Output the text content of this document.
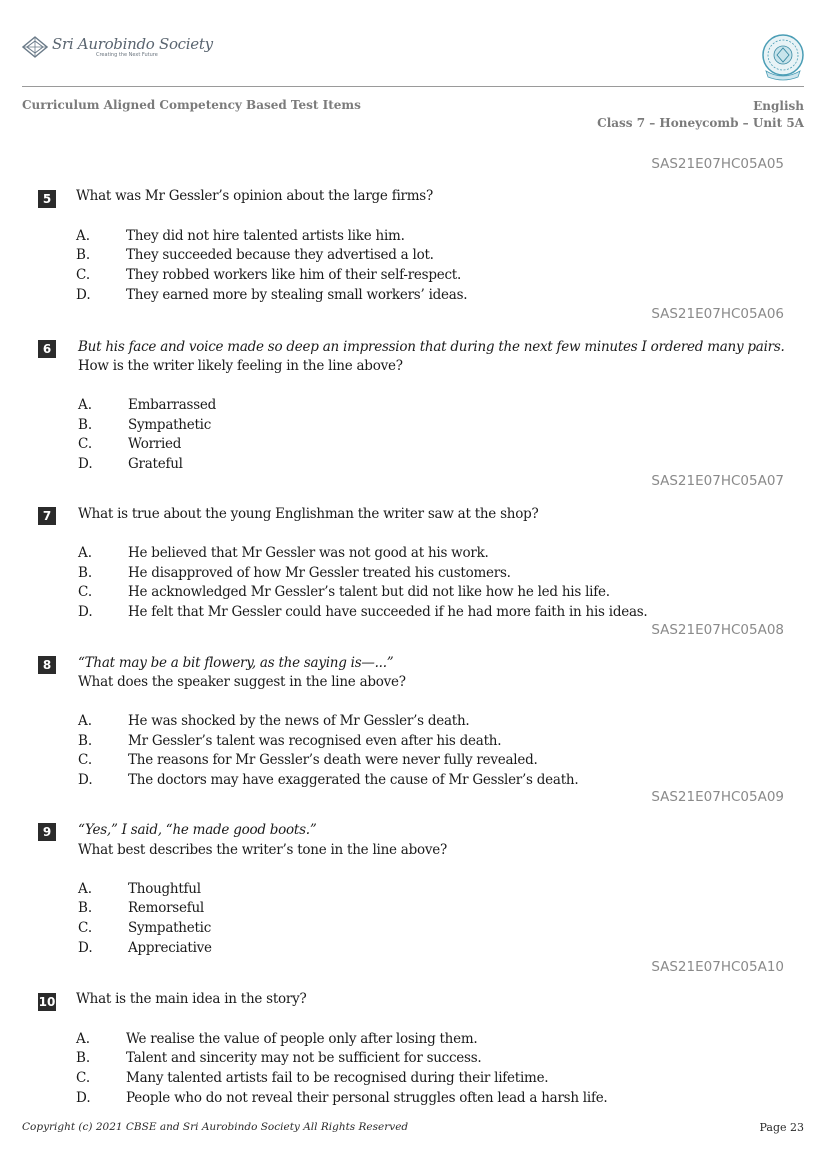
Sri Aurobindo Society
Creating the Next Future
Curriculum Aligned Competency Based Test Items	English
Class 7 – Honeycomb – Unit 5A
SAS21E07HC05A05
5	What was Mr Gessler’s opinion about the large firms?
A.	They did not hire talented artists like him.
B.	They succeeded because they advertised a lot.
C.	They robbed workers like him of their self-respect.
D.	They earned more by stealing small workers’ ideas.
SAS21E07HC05A06
6	But his face and voice made so deep an impression that during the next few minutes I ordered many pairs.
How is the writer likely feeling in the line above?
A.	Embarrassed
B.	Sympathetic
C.	Worried
D.	Grateful
SAS21E07HC05A07
7	What is true about the young Englishman the writer saw at the shop?
A.	He believed that Mr Gessler was not good at his work.
B.	He disapproved of how Mr Gessler treated his customers.
C.	He acknowledged Mr Gessler’s talent but did not like how he led his life.
D.	He felt that Mr Gessler could have succeeded if he had more faith in his ideas.
SAS21E07HC05A08
8	“That may be a bit flowery, as the saying is—...”
What does the speaker suggest in the line above?
A.	He was shocked by the news of Mr Gessler’s death.
B.	Mr Gessler’s talent was recognised even after his death.
C.	The reasons for Mr Gessler’s death were never fully revealed.
D.	The doctors may have exaggerated the cause of Mr Gessler’s death.
SAS21E07HC05A09
9	“Yes,” I said, “he made good boots.”
What best describes the writer’s tone in the line above?
A.	Thoughtful
B.	Remorseful
C.	Sympathetic
D.	Appreciative
SAS21E07HC05A10
10 What is the main idea in the story?
A.	We realise the value of people only after losing them.
B.	Talent and sincerity may not be sufficient for success.
C.	Many talented artists fail to be recognised during their lifetime.
D.	People who do not reveal their personal struggles often lead a harsh life.
Copyright (c) 2021 CBSE and Sri Aurobindo Society All Rights Reserved	Page 23
